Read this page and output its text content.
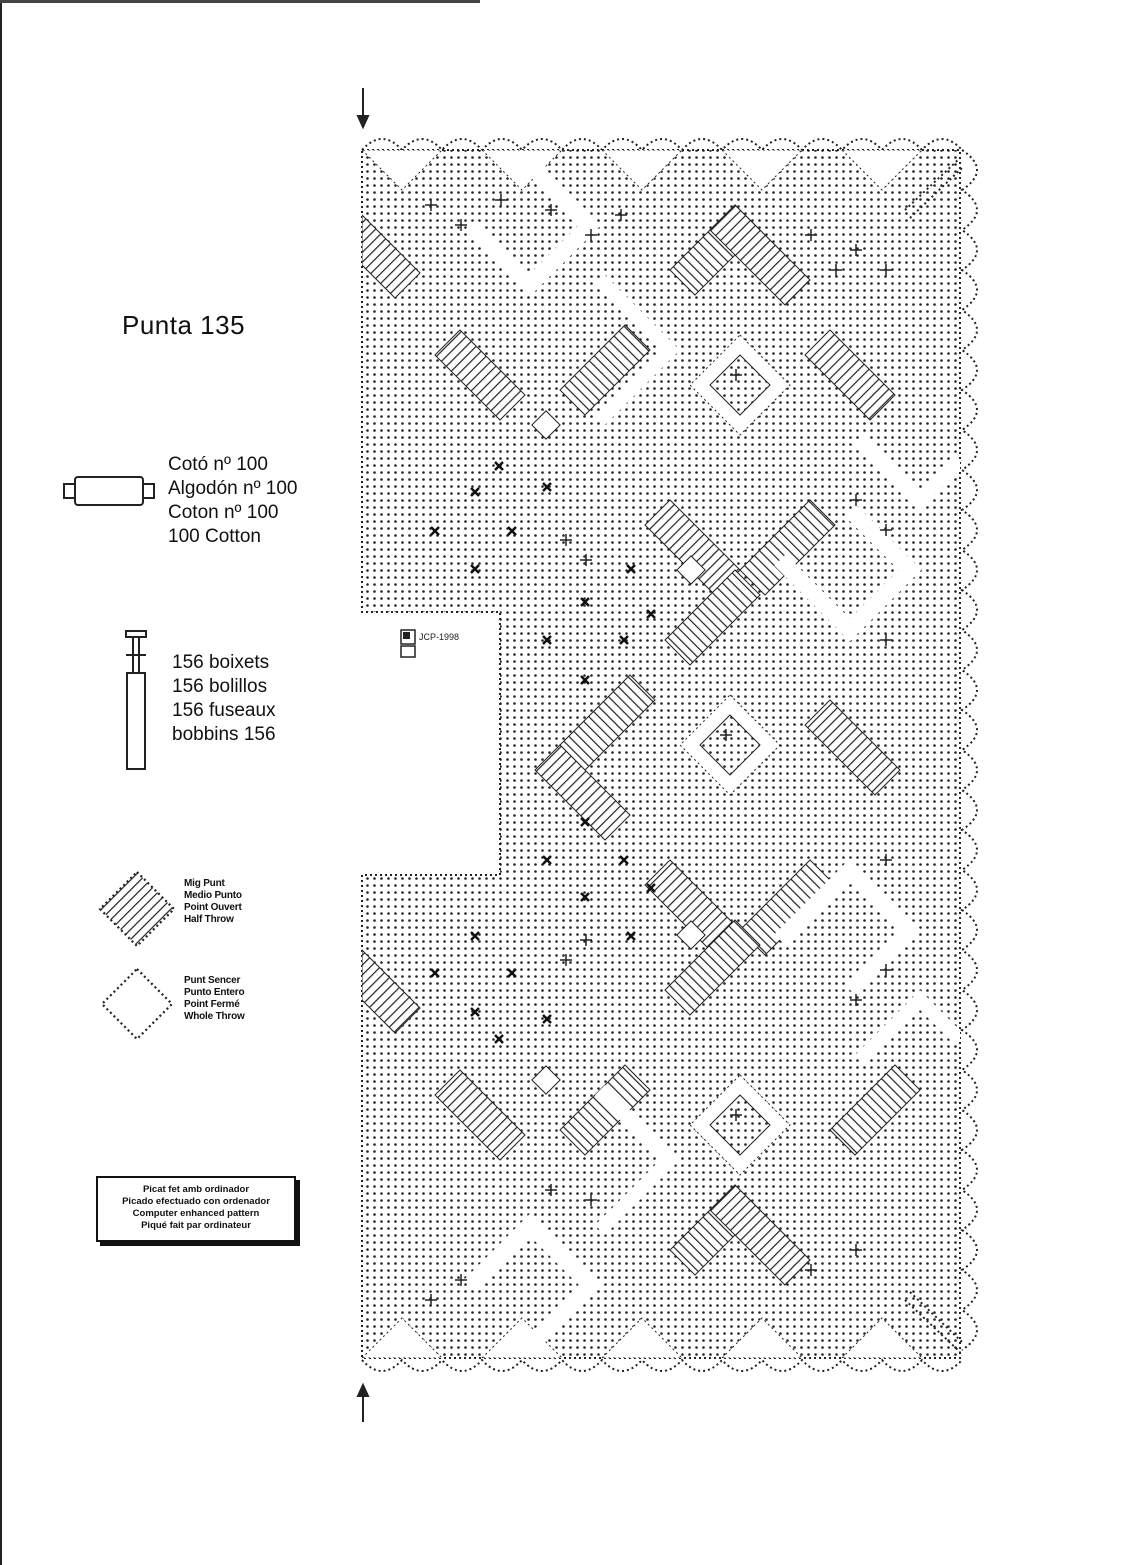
Punta 135
Cotó nº 100
Algodón nº 100
Coton nº 100
100 Cotton
156 boixets
156 bolillos
156 fuseaux
bobbins 156
Mig Punt
Medio Punto
Point Ouvert
Half Throw
Punt Sencer
Punto Entero
Point Fermé
Whole Throw
Picat fet amb ordinador
Picado efectuado con ordenador
Computer enhanced pattern
Piqué fait par ordinateur
JCP-1998
